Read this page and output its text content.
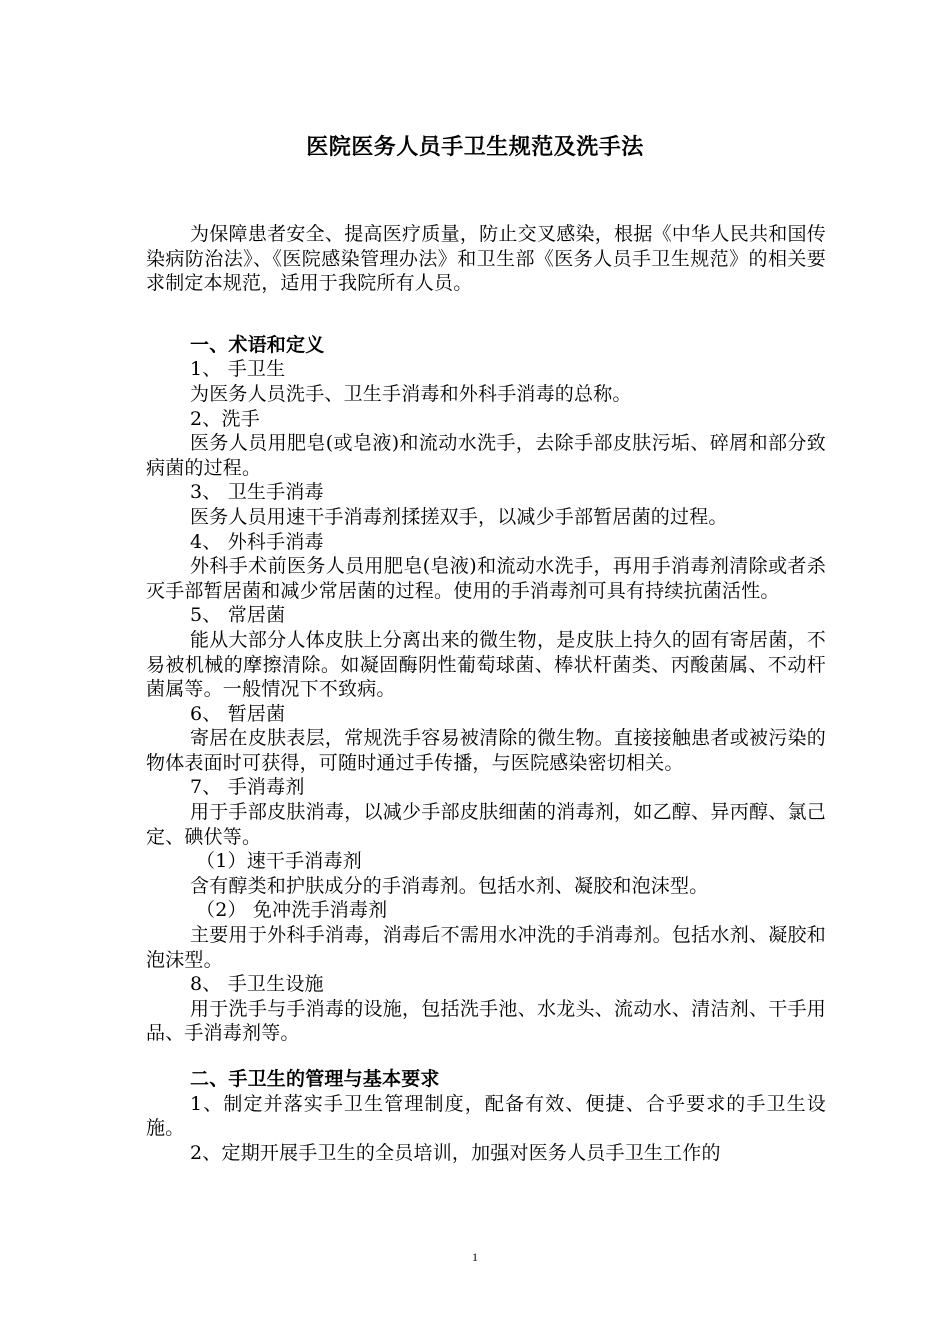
医院医务人员手卫生规范及洗手法

为保障患者安全、提高医疗质量，防止交叉感染，根据《中华人民共和国传染病防治法》、《医院感染管理办法》和卫生部《医务人员手卫生规范》的相关要求制定本规范，适用于我院所有人员。

一、术语和定义

1、 手卫生

为医务人员洗手、卫生手消毒和外科手消毒的总称。

2、洗手

医务人员用肥皂(或皂液)和流动水洗手，去除手部皮肤污垢、碎屑和部分致病菌的过程。

3、 卫生手消毒

医务人员用速干手消毒剂揉搓双手，以减少手部暂居菌的过程。

4、 外科手消毒

外科手术前医务人员用肥皂(皂液)和流动水洗手，再用手消毒剂清除或者杀灭手部暂居菌和减少常居菌的过程。使用的手消毒剂可具有持续抗菌活性。

5、 常居菌

能从大部分人体皮肤上分离出来的微生物，是皮肤上持久的固有寄居菌，不易被机械的摩擦清除。如凝固酶阴性葡萄球菌、棒状杆菌类、丙酸菌属、不动杆菌属等。一般情况下不致病。

6、 暂居菌

寄居在皮肤表层，常规洗手容易被清除的微生物。直接接触患者或被污染的物体表面时可获得，可随时通过手传播，与医院感染密切相关。

7、 手消毒剂

用于手部皮肤消毒，以减少手部皮肤细菌的消毒剂，如乙醇、异丙醇、氯己定、碘伏等。

（1）速干手消毒剂

含有醇类和护肤成分的手消毒剂。包括水剂、凝胶和泡沫型。

（2） 免冲洗手消毒剂

主要用于外科手消毒，消毒后不需用水冲洗的手消毒剂。包括水剂、凝胶和泡沫型。

8、 手卫生设施

用于洗手与手消毒的设施，包括洗手池、水龙头、流动水、清洁剂、干手用品、手消毒剂等。

二、手卫生的管理与基本要求

1、制定并落实手卫生管理制度，配备有效、便捷、合乎要求的手卫生设施。

2、定期开展手卫生的全员培训，加强对医务人员手卫生工作的

1
